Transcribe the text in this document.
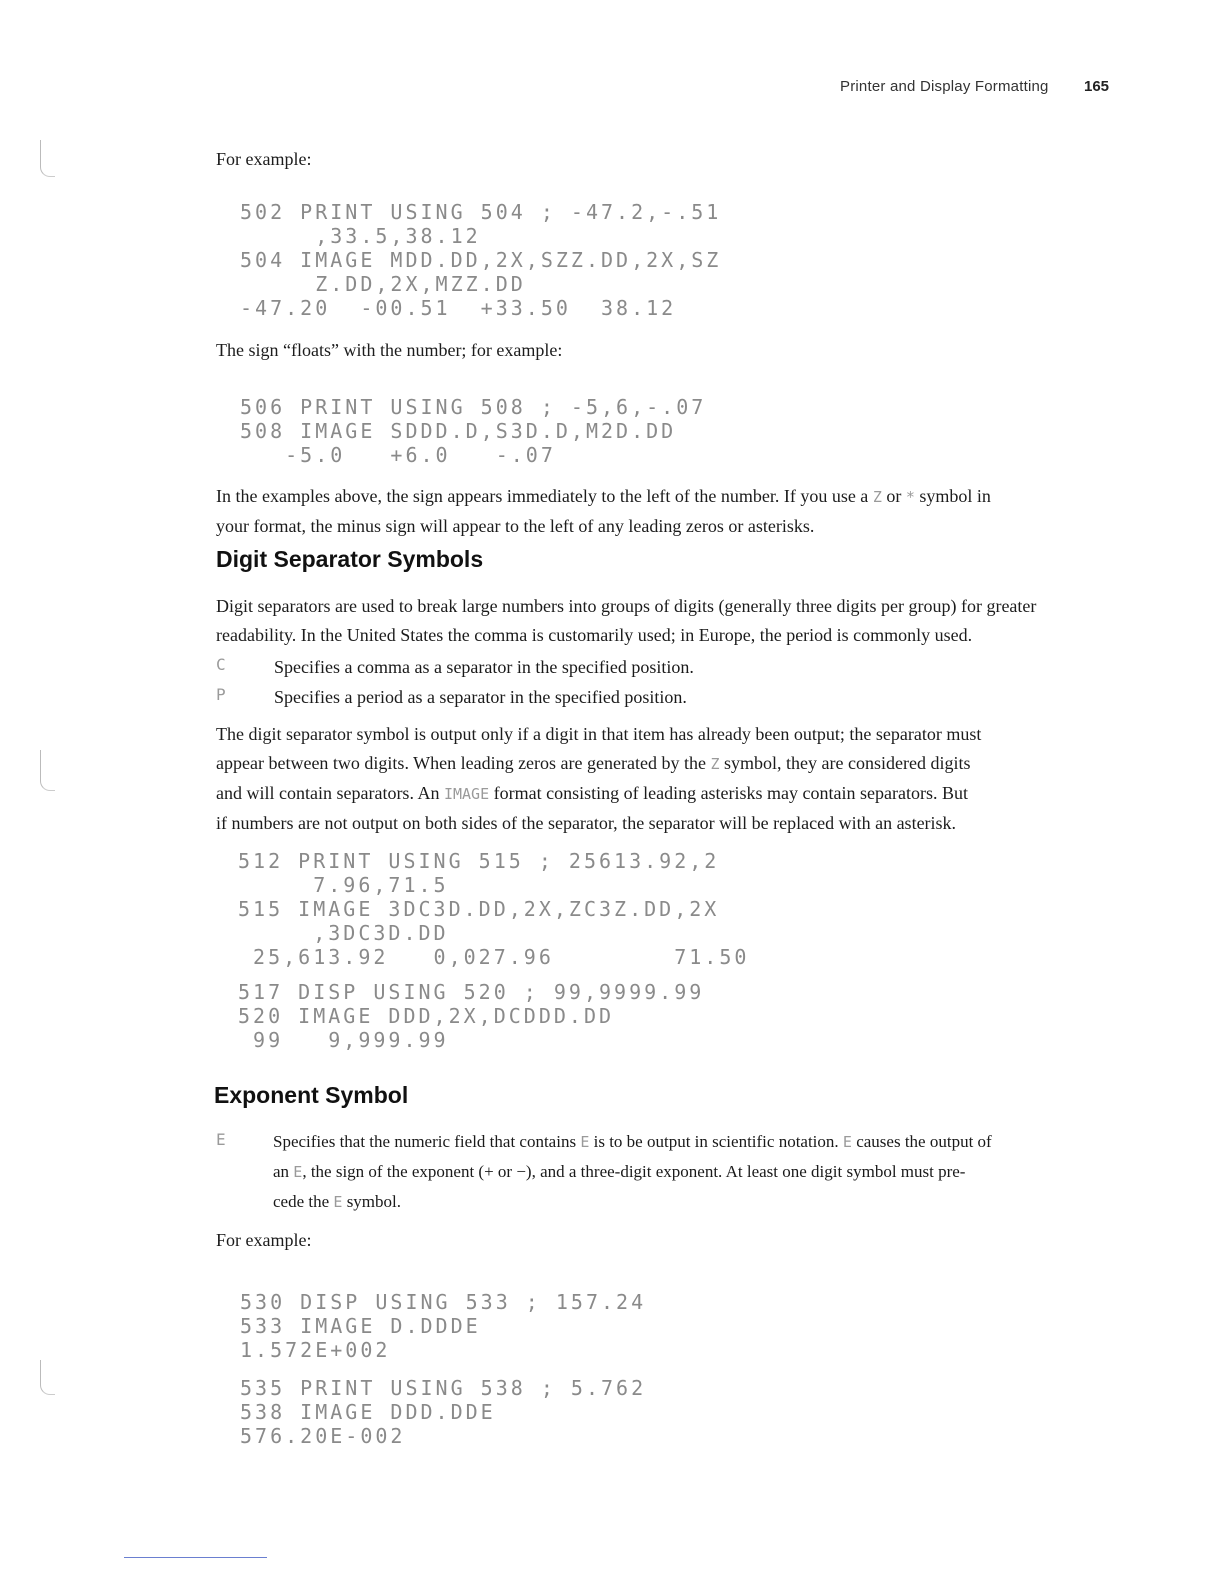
Printer and Display Formatting 165
For example:
502 PRINT USING 504 ; -47.2,-.51
,33.5,38.12
504 IMAGE MDD.DD,2X,SZZ.DD,2X,SZ
Z.DD,2X,MZZ.DD
-47.20  -00.51  +33.50  38.12
The sign “floats” with the number; for example:
506 PRINT USING 508 ; -5,6,-.07
508 IMAGE SDDD.D,S3D.D,M2D.DD
-5.0   +6.0   -.07
In the examples above, the sign appears immediately to the left of the number. If you use a Z or * symbol in
your format, the minus sign will appear to the left of any leading zeros or asterisks.
Digit Separator Symbols
Digit separators are used to break large numbers into groups of digits (generally three digits per group) for greater
readability. In the United States the comma is customarily used; in Europe, the period is commonly used.
C	Specifies a comma as a separator in the specified position.
P	Specifies a period as a separator in the specified position.
The digit separator symbol is output only if a digit in that item has already been output; the separator must
appear between two digits. When leading zeros are generated by the Z symbol, they are considered digits
and will contain separators. An IMAGE format consisting of leading asterisks may contain separators. But
if numbers are not output on both sides of the separator, the separator will be replaced with an asterisk.
512 PRINT USING 515 ; 25613.92,2
7.96,71.5
515 IMAGE 3DC3D.DD,2X,ZC3Z.DD,2X
,3DC3D.DD
25,613.92   0,027.96        71.50
517 DISP USING 520 ; 99,9999.99
520 IMAGE DDD,2X,DCDDD.DD
99   9,999.99
Exponent Symbol
E	Specifies that the numeric field that contains E is to be output in scientific notation. E causes the output of
an E, the sign of the exponent (+ or −), and a three-digit exponent. At least one digit symbol must pre-
cede the E symbol.
For example:
530 DISP USING 533 ; 157.24
533 IMAGE D.DDDE
1.572E+002
535 PRINT USING 538 ; 5.762
538 IMAGE DDD.DDE
576.20E-002
